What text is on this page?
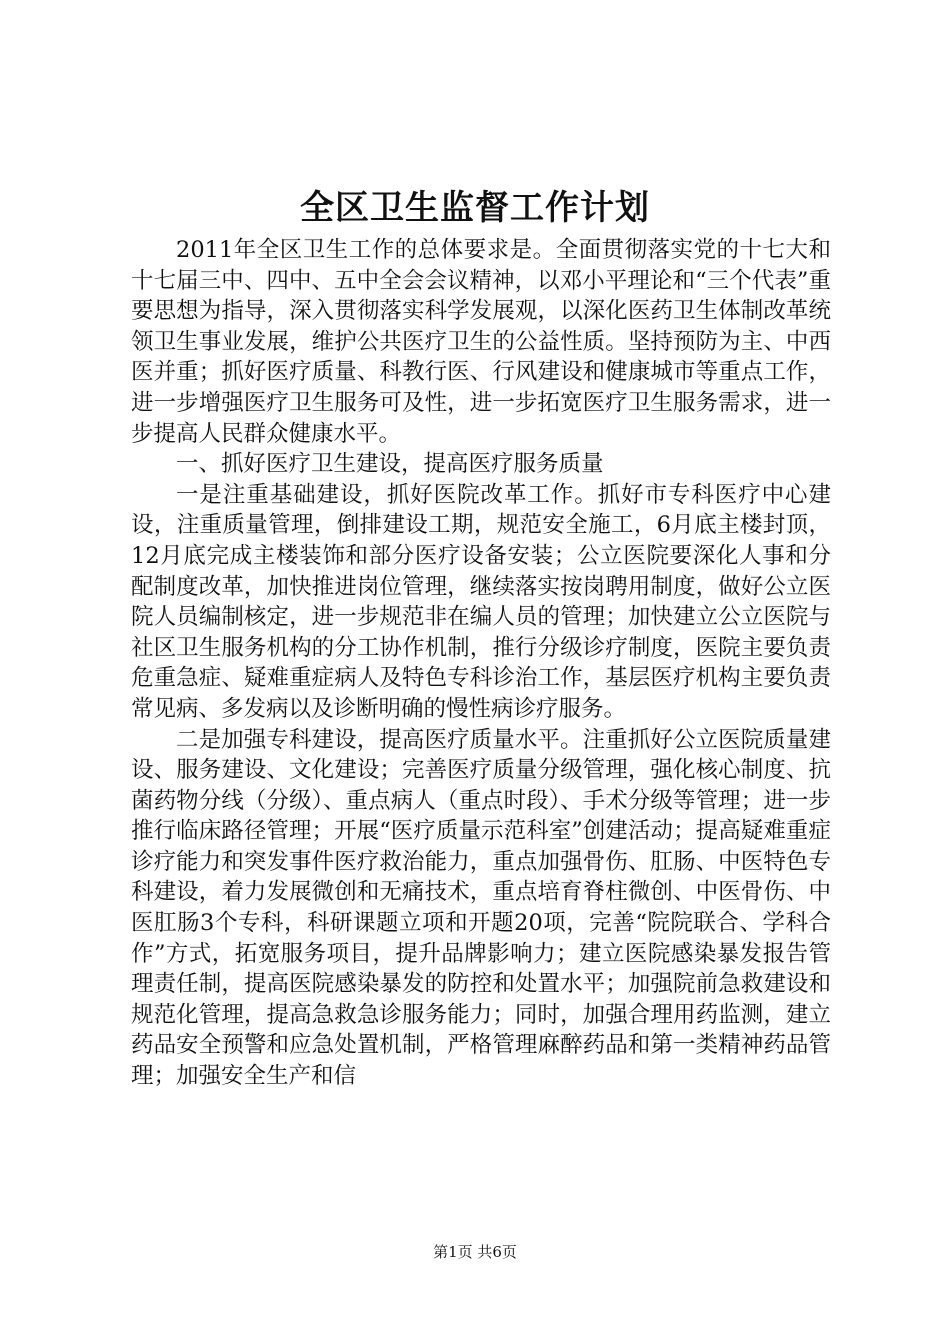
全区卫生监督工作计划

2011年全区卫生工作的总体要求是。全面贯彻落实党的十七大和十七届三中、四中、五中全会会议精神，以邓小平理论和“三个代表”重要思想为指导，深入贯彻落实科学发展观，以深化医药卫生体制改革统领卫生事业发展，维护公共医疗卫生的公益性质。坚持预防为主、中西医并重；抓好医疗质量、科教行医、行风建设和健康城市等重点工作，进一步增强医疗卫生服务可及性，进一步拓宽医疗卫生服务需求，进一步提高人民群众健康水平。

一、抓好医疗卫生建设，提高医疗服务质量

一是注重基础建设，抓好医院改革工作。抓好市专科医疗中心建设，注重质量管理，倒排建设工期，规范安全施工，6月底主楼封顶，12月底完成主楼装饰和部分医疗设备安装；公立医院要深化人事和分配制度改革，加快推进岗位管理，继续落实按岗聘用制度，做好公立医院人员编制核定，进一步规范非在编人员的管理；加快建立公立医院与社区卫生服务机构的分工协作机制，推行分级诊疗制度，医院主要负责危重急症、疑难重症病人及特色专科诊治工作，基层医疗机构主要负责常见病、多发病以及诊断明确的慢性病诊疗服务。

二是加强专科建设，提高医疗质量水平。注重抓好公立医院质量建设、服务建设、文化建设；完善医疗质量分级管理，强化核心制度、抗菌药物分线（分级）、重点病人（重点时段）、手术分级等管理；进一步推行临床路径管理；开展“医疗质量示范科室”创建活动；提高疑难重症诊疗能力和突发事件医疗救治能力，重点加强骨伤、肛肠、中医特色专科建设，着力发展微创和无痛技术，重点培育脊柱微创、中医骨伤、中医肛肠3个专科，科研课题立项和开题20项，完善“院院联合、学科合作”方式，拓宽服务项目，提升品牌影响力；建立医院感染暴发报告管理责任制，提高医院感染暴发的防控和处置水平；加强院前急救建设和规范化管理，提高急救急诊服务能力；同时，加强合理用药监测，建立药品安全预警和应急处置机制，严格管理麻醉药品和第一类精神药品管理；加强安全生产和信

第1页 共6页
